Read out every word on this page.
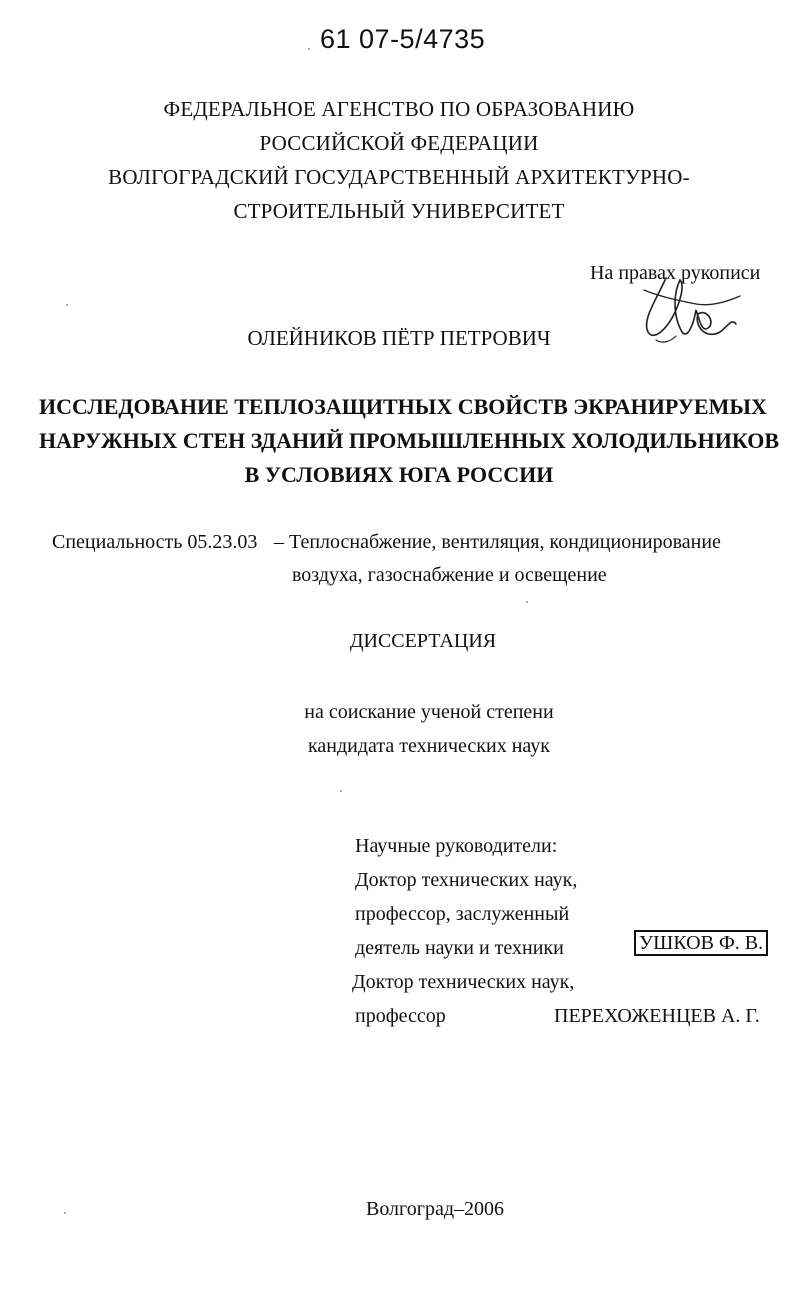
61 07-5/4735
ФЕДЕРАЛЬНОЕ АГЕНСТВО ПО ОБРАЗОВАНИЮ
РОССИЙСКОЙ ФЕДЕРАЦИИ
ВОЛГОГРАДСКИЙ ГОСУДАРСТВЕННЫЙ АРХИТЕКТУРНО-
СТРОИТЕЛЬНЫЙ УНИВЕРСИТЕТ
На правах рукописи
ОЛЕЙНИКОВ ПЁТР ПЕТРОВИЧ
ИССЛЕДОВАНИЕ ТЕПЛОЗАЩИТНЫХ СВОЙСТВ ЭКРАНИРУЕМЫХ
НАРУЖНЫХ СТЕН ЗДАНИЙ ПРОМЫШЛЕННЫХ ХОЛОДИЛЬНИКОВ
В УСЛОВИЯХ ЮГА РОССИИ
Специальность 05.23.03 – Теплоснабжение, вентиляция, кондиционирование
воздуха, газоснабжение и освещение
ДИССЕРТАЦИЯ
на соискание ученой степени
кандидата технических наук
Научные руководители:
Доктор технических наук,
профессор, заслуженный
деятель науки и техники	УШКОВ Ф. В.
Доктор технических наук,
профессор	ПЕРЕХОЖЕНЦЕВ А. Г.
Волгоград–2006
